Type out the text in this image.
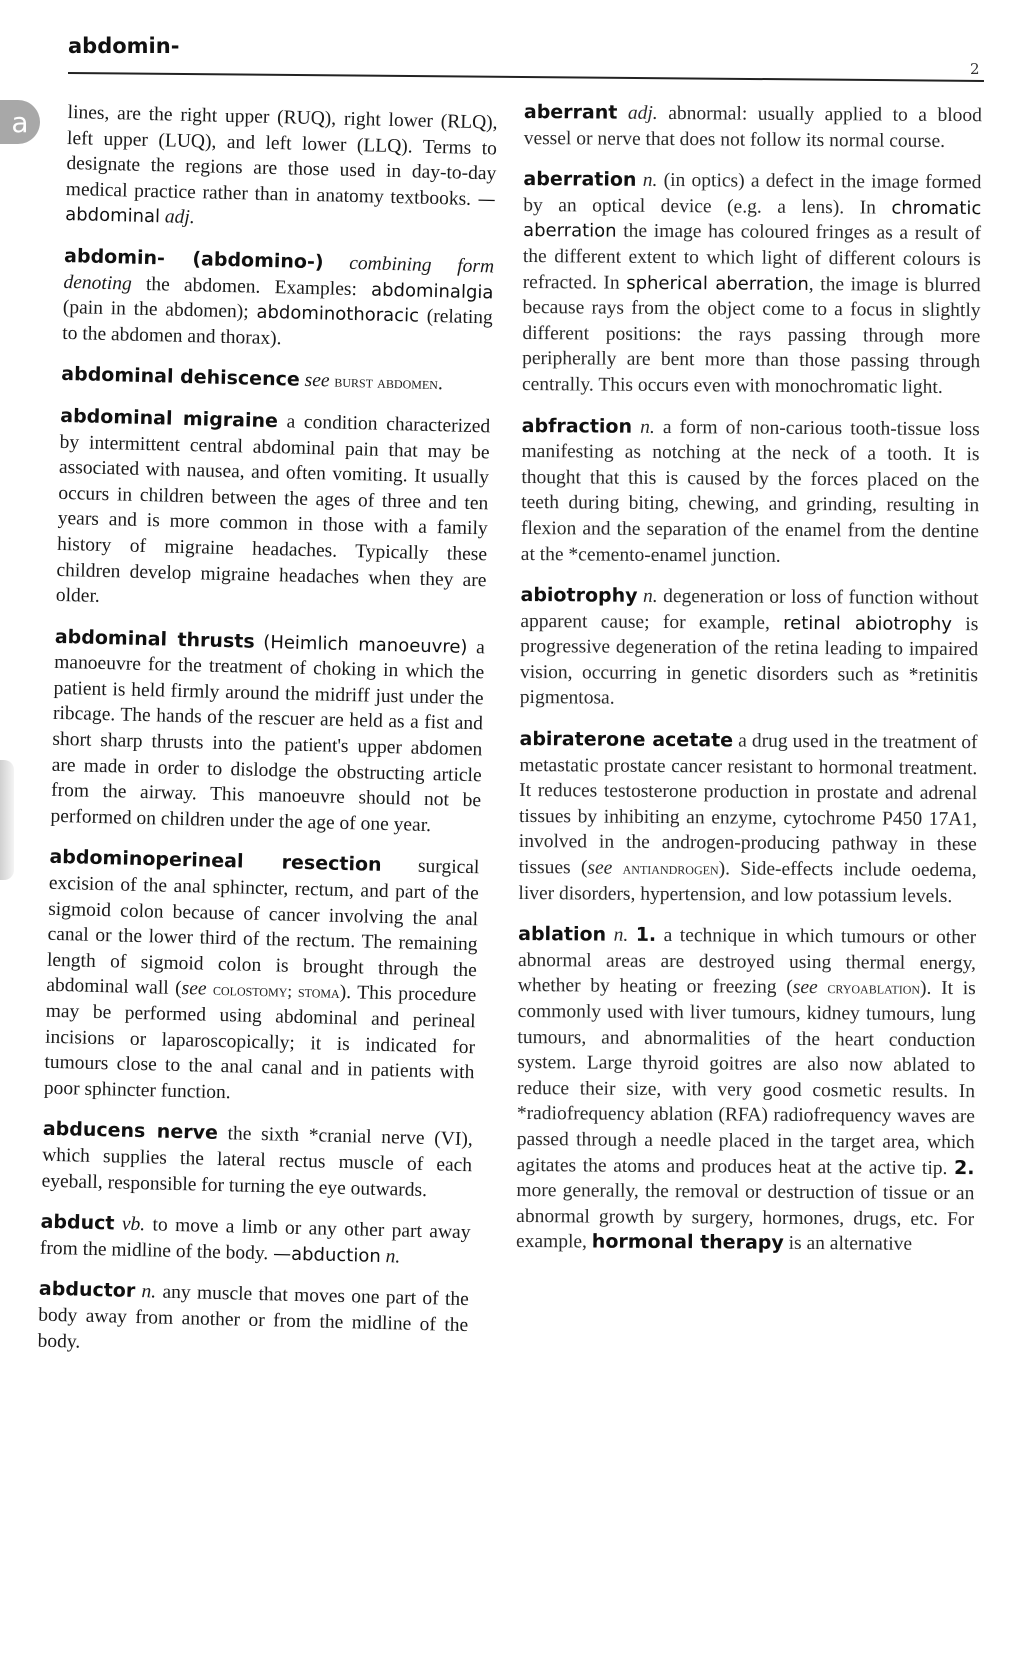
abdomin-
2
a lines, are the right upper (RUQ), right lower (RLQ), left upper (LUQ), and left lower (LLQ). Terms to designate the regions are those used in day-to-day medical practice rather than in anatomy textbooks. —abdominal adj.

abdomin- (abdomino-) combining form denoting the abdomen. Examples: abdominalgia (pain in the abdomen); abdominothoracic (relating to the abdomen and thorax).

abdominal dehiscence see burst abdomen.

abdominal migraine a condition characterized by intermittent central abdominal pain that may be associated with nausea, and often vomiting. It usually occurs in children between the ages of three and ten years and is more common in those with a family history of migraine headaches. Typically these children develop migraine headaches when they are older.

abdominal thrusts (Heimlich manoeuvre) a manoeuvre for the treatment of choking in which the patient is held firmly around the midriff just under the ribcage. The hands of the rescuer are held as a fist and short sharp thrusts into the patient's upper abdomen are made in order to dislodge the obstructing article from the airway. This manoeuvre should not be performed on children under the age of one year.

abdominoperineal resection surgical excision of the anal sphincter, rectum, and part of the sigmoid colon because of cancer involving the anal canal or the lower third of the rectum. The remaining length of sigmoid colon is brought through the abdominal wall (see colostomy; stoma). This procedure may be performed using abdominal and perineal incisions or laparoscopically; it is indicated for tumours close to the anal canal and in patients with poor sphincter function.

abducens nerve the sixth *cranial nerve (VI), which supplies the lateral rectus muscle of each eyeball, responsible for turning the eye outwards.

abduct vb. to move a limb or any other part away from the midline of the body. —abduction n.

abductor n. any muscle that moves one part of the body away from another or from the midline of the body.

aberrant adj. abnormal: usually applied to a blood vessel or nerve that does not follow its normal course.

aberration n. (in optics) a defect in the image formed by an optical device (e.g. a lens). In chromatic aberration the image has coloured fringes as a result of the different extent to which light of different colours is refracted. In spherical aberration, the image is blurred because rays from the object come to a focus in slightly different positions: the rays passing through more peripherally are bent more than those passing through centrally. This occurs even with monochromatic light.

abfraction n. a form of non-carious tooth-tissue loss manifesting as notching at the neck of a tooth. It is thought that this is caused by the forces placed on the teeth during biting, chewing, and grinding, resulting in flexion and the separation of the enamel from the dentine at the *cemento-enamel junction.

abiotrophy n. degeneration or loss of function without apparent cause; for example, retinal abiotrophy is progressive degeneration of the retina leading to impaired vision, occurring in genetic disorders such as *retinitis pigmentosa.

abiraterone acetate a drug used in the treatment of metastatic prostate cancer resistant to hormonal treatment. It reduces testosterone production in prostate and adrenal tissues by inhibiting an enzyme, cytochrome P450 17A1, involved in the androgen-producing pathway in these tissues (see antiandrogen). Side-effects include oedema, liver disorders, hypertension, and low potassium levels.

ablation n. 1. a technique in which tumours or other abnormal areas are destroyed using thermal energy, whether by heating or freezing (see cryoablation). It is commonly used with liver tumours, kidney tumours, lung tumours, and abnormalities of the heart conduction system. Large thyroid goitres are also now ablated to reduce their size, with very good cosmetic results. In *radiofrequency ablation (RFA) radiofrequency waves are passed through a needle placed in the target area, which agitates the atoms and produces heat at the active tip. 2. more generally, the removal or destruction of tissue or an abnormal growth by surgery, hormones, drugs, etc. For example, hormonal therapy is an alternative
